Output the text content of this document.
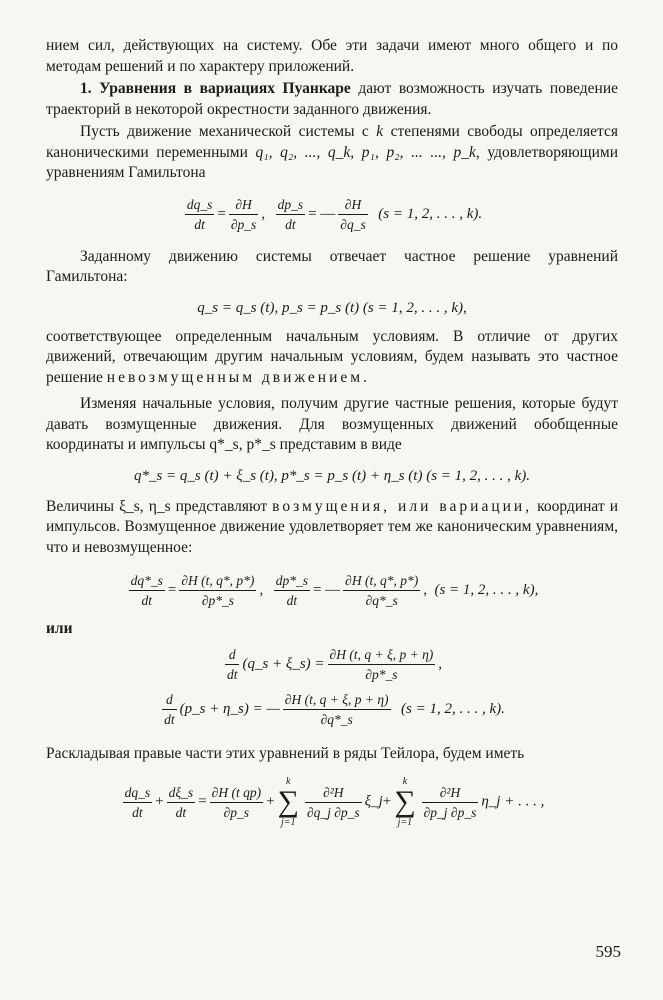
нием сил, действующих на систему. Обе эти задачи имеют много общего и по методам решений и по характеру приложений.

1. Уравнения в вариациях Пуанкаре дают возможность изучать поведение траекторий в некоторой окрестности заданного движения.

Пусть движение механической системы с k степенями свободы определяется каноническими переменными q₁, q₂, ..., q_k, p₁, p₂, ... ..., p_k, удовлетворяющими уравнениям Гамильтона

$\frac{dq\_s}{dt} = \frac{\partial H}{\partial p\_s}$ , $\frac{dp\_s}{dt}$ = — $\frac{\partial H}{\partial q\_s} (s = 1$, 2, . . . , k).

Заданному движению системы отвечает частное решение уравнений Гамильтона:

q_s = q_s (t), p_s = p_s (t) (s = 1, 2, . . . , k),

соответствующее определенным начальным условиям. В отличие от других движений, отвечающим другим начальным условиям, будем называть это частное решение невозмущенным движением.

Изменяя начальные условия, получим другие частные решения, которые будут давать возмущенные движения. Для возмущенных движений обобщенные координаты и импульсы q*_s, p*_s представим в виде

q*_s = q_s (t) + ξ_s (t), p*_s = p_s (t) + η_s (t) (s = 1, 2, . . . , k).

Величины ξ_s, η_s представляют возмущения, или вариации, координат и импульсов. Возмущенное движение удовлетворяет тем же каноническим уравнениям, что и невозмущенное:

$\frac{dq*\_s}{dt} = \frac{\partial H (t, q*, p*)}{\partial p*\_s}$ , $\frac{dp*\_s}{dt}$ = — $\frac{\partial H (t, q*, p*)}{\partial q*\_s}$ ,  (s = 1, 2, . . . , k),

или

$\frac{d}{dt}$ (q_s + ξ_s) = $\frac{\partial H (t, q + \xi, p + \eta)}{\partial p*\_s}$ ,
$\frac{d}{dt}$ (p_s + η_s) = — $\frac{\partial H (t, q + \xi, p + \eta)}{\partial q*\_s} (s = 1$, 2, . . . , k).

Раскладывая правые части этих уравнений в ряды Тейлора, будем иметь

$\frac{dq\_s}{dt} + \frac{d\xi\_s}{dt} = \frac{\text{∂H (t qp)}}{\partial p\_s}$ +
k
∑
j=1
$\frac{\text{∂²H}}{\partial q\_j \partial p\_s}$ ξ_j+
k
∑
j=1
$\frac{\text{∂²H}}{\partial p\_j \partial p\_s}$ η_j + . . . ,
595
